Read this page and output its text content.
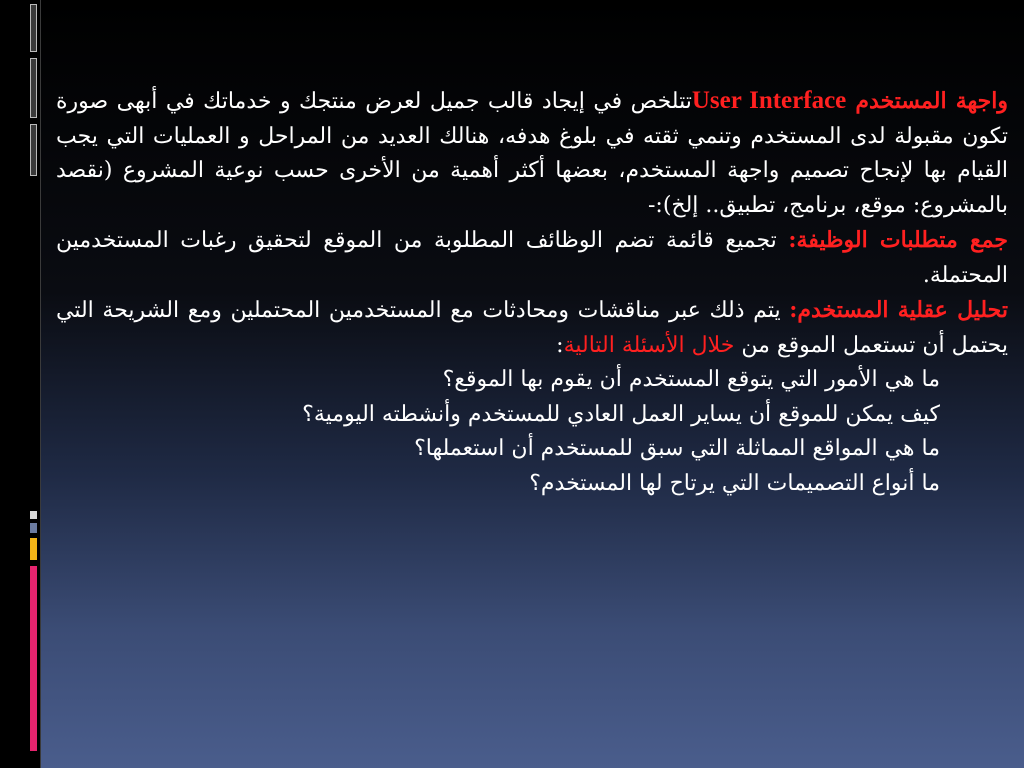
واجهة المستخدم User Interfaceتتلخص في إيجاد قالب جميل لعرض منتجك و خدماتك في أبهى صورة تكون مقبولة لدى المستخدم وتنمي ثقته في بلوغ هدفه، هنالك العديد من المراحل و العمليات التي يجب القيام بها لإنجاح تصميم واجهة المستخدم، بعضها أكثر أهمية من الأخرى حسب نوعية المشروع (نقصد بالمشروع: موقع، برنامج، تطبيق.. إلخ):-

جمع متطلبات الوظيفة: تجميع قائمة تضم الوظائف المطلوبة من الموقع لتحقيق رغبات المستخدمين المحتملة.

تحليل عقلية المستخدم: يتم ذلك عبر مناقشات ومحادثات مع المستخدمين المحتملين ومع الشريحة التي يحتمل أن تستعمل الموقع من خلال الأسئلة التالية:

ما هي الأمور التي يتوقع المستخدم أن يقوم بها الموقع؟

كيف يمكن للموقع أن يساير العمل العادي للمستخدم وأنشطته اليومية؟

ما هي المواقع المماثلة التي سبق للمستخدم أن استعملها؟

ما أنواع التصميمات التي يرتاح لها المستخدم؟
